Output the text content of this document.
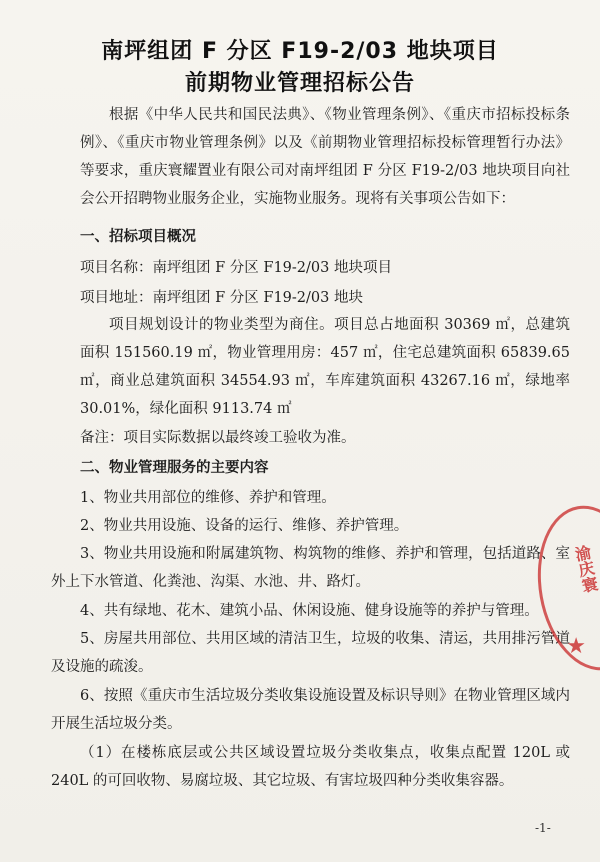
南坪组团 F 分区 F19-2/03 地块项目
前期物业管理招标公告

根据《中华人民共和国民法典》、《物业管理条例》、《重庆市招标投标条例》、《重庆市物业管理条例》以及《前期物业管理招标投标管理暂行办法》等要求，重庆寰耀置业有限公司对南坪组团 F 分区 F19-2/03 地块项目向社会公开招聘物业服务企业，实施物业服务。现将有关事项公告如下：

一、招标项目概况
项目名称：南坪组团 F 分区 F19-2/03 地块项目
项目地址：南坪组团 F 分区 F19-2/03 地块

项目规划设计的物业类型为商住。项目总占地面积 30369 ㎡，总建筑面积 151560.19 ㎡，物业管理用房：457 ㎡，住宅总建筑面积 65839.65 ㎡，商业总建筑面积 34554.93 ㎡，车库建筑面积 43267.16 ㎡，绿地率 30.01%，绿化面积 9113.74 ㎡

备注：项目实际数据以最终竣工验收为准。
二、物业管理服务的主要内容

1、物业共用部位的维修、养护和管理。

2、物业共用设施、设备的运行、维修、养护管理。

3、物业共用设施和附属建筑物、构筑物的维修、养护和管理，包括道路、室外上下水管道、化粪池、沟渠、水池、井、路灯。

4、共有绿地、花木、建筑小品、休闲设施、健身设施等的养护与管理。

5、房屋共用部位、共用区域的清洁卫生，垃圾的收集、清运，共用排污管道及设施的疏浚。

6、按照《重庆市生活垃圾分类收集设施设置及标识导则》在物业管理区域内开展生活垃圾分类。

（1）在楼栋底层或公共区域设置垃圾分类收集点，收集点配置 120L 或 240L 的可回收物、易腐垃圾、其它垃圾、有害垃圾四种分类收集容器。

渝庆寰
★
-1-
